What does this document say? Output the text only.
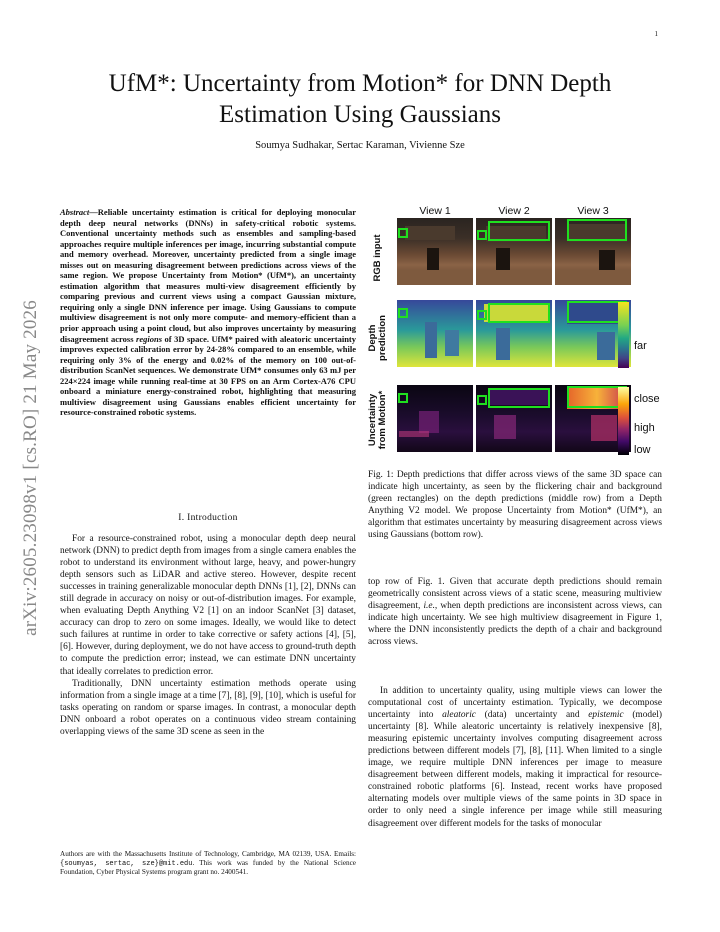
1
arXiv:2605.23098v1 [cs.RO] 21 May 2026
UfM*: Uncertainty from Motion* for DNN Depth
Estimation Using Gaussians
Soumya Sudhakar, Sertac Karaman, Vivienne Sze
Abstract—Reliable uncertainty estimation is critical for deploying monocular depth deep neural networks (DNNs) in safety-critical robotic systems. Conventional uncertainty methods such as ensembles and sampling-based approaches require multiple inferences per image, incurring substantial compute and memory overhead. Moreover, uncertainty predicted from a single image misses out on measuring disagreement between predictions across views of the same region. We propose Uncertainty from Motion* (UfM*), an uncertainty estimation algorithm that measures multi-view disagreement efficiently by comparing previous and current views using a compact Gaussian mixture, requiring only a single DNN inference per image. Using Gaussians to compute multiview disagreement is not only more compute- and memory-efficient than a prior approach using a point cloud, but also improves uncertainty by measuring disagreement across regions of 3D space. UfM* paired with aleatoric uncertainty improves expected calibration error by 24-28% compared to an ensemble, while requiring only 3% of the energy and 0.02% of the memory on 100 out-of-distribution ScanNet sequences. We demonstrate UfM* consumes only 63 mJ per 224×224 image while running real-time at 30 FPS on an Arm Cortex-A76 CPU onboard a miniature energy-constrained robot, highlighting that measuring multiview disagreement using Gaussians enables efficient uncertainty for resource-constrained robotic systems.
I. Introduction

For a resource-constrained robot, using a monocular depth deep neural network (DNN) to predict depth from images from a single camera enables the robot to understand its environment without large, heavy, and power-hungry depth sensors such as LiDAR and active stereo. However, despite recent successes in training generalizable monocular depth DNNs [1], [2], DNNs can still degrade in accuracy on noisy or out-of-distribution images. For example, when evaluating Depth Anything V2 [1] on an indoor ScanNet [3] dataset, accuracy can drop to zero on some images. Ideally, we would like to detect such failures at runtime in order to take corrective or safety actions [4], [5], [6]. However, during deployment, we do not have access to ground-truth depth to compute the prediction error; instead, we can estimate DNN uncertainty that ideally correlates to prediction error.

Traditionally, DNN uncertainty estimation methods operate using information from a single image at a time [7], [8], [9], [10], which is useful for tasks operating on random or sparse images. In contrast, a monocular depth DNN onboard a robot operates on a continuous video stream containing overlapping views of the same 3D scene as seen in the

Authors are with the Massachusetts Institute of Technology, Cambridge, MA 02139, USA. Emails: {soumyas, sertac, sze}@mit.edu. This work was funded by the National Science Foundation, Cyber Physical Systems program grant no. 2400541.
View 1	View 2	View 3
RGB input
Depth prediction
Uncertainty from Motion*
far
close
high
low
Fig. 1: Depth predictions that differ across views of the same 3D space can indicate high uncertainty, as seen by the flickering chair and background (green rectangles) on the depth predictions (middle row) from a Depth Anything V2 model. We propose Uncertainty from Motion* (UfM*), an algorithm that estimates uncertainty by measuring disagreement across views using Gaussians (bottom row).
top row of Fig. 1. Given that accurate depth predictions should remain geometrically consistent across views of a static scene, measuring multiview disagreement, i.e., when depth predictions are inconsistent across views, can indicate high uncertainty. We see high multiview disagreement in Figure 1, where the DNN inconsistently predicts the depth of a chair and background across views.

In addition to uncertainty quality, using multiple views can lower the computational cost of uncertainty estimation. Typically, we decompose uncertainty into aleatoric (data) uncertainty and epistemic (model) uncertainty [8]. While aleatoric uncertainty is relatively inexpensive [8], measuring epistemic uncertainty involves computing disagreement across predictions between different models [7], [8], [11]. When limited to a single image, we require multiple DNN inferences per image to measure disagreement between different models, making it impractical for resource-constrained robotic platforms [6]. Instead, recent works have proposed alternating models over multiple views of the same points in 3D space in order to only need a single inference per image while still measuring disagreement over different models for the tasks of monocular
